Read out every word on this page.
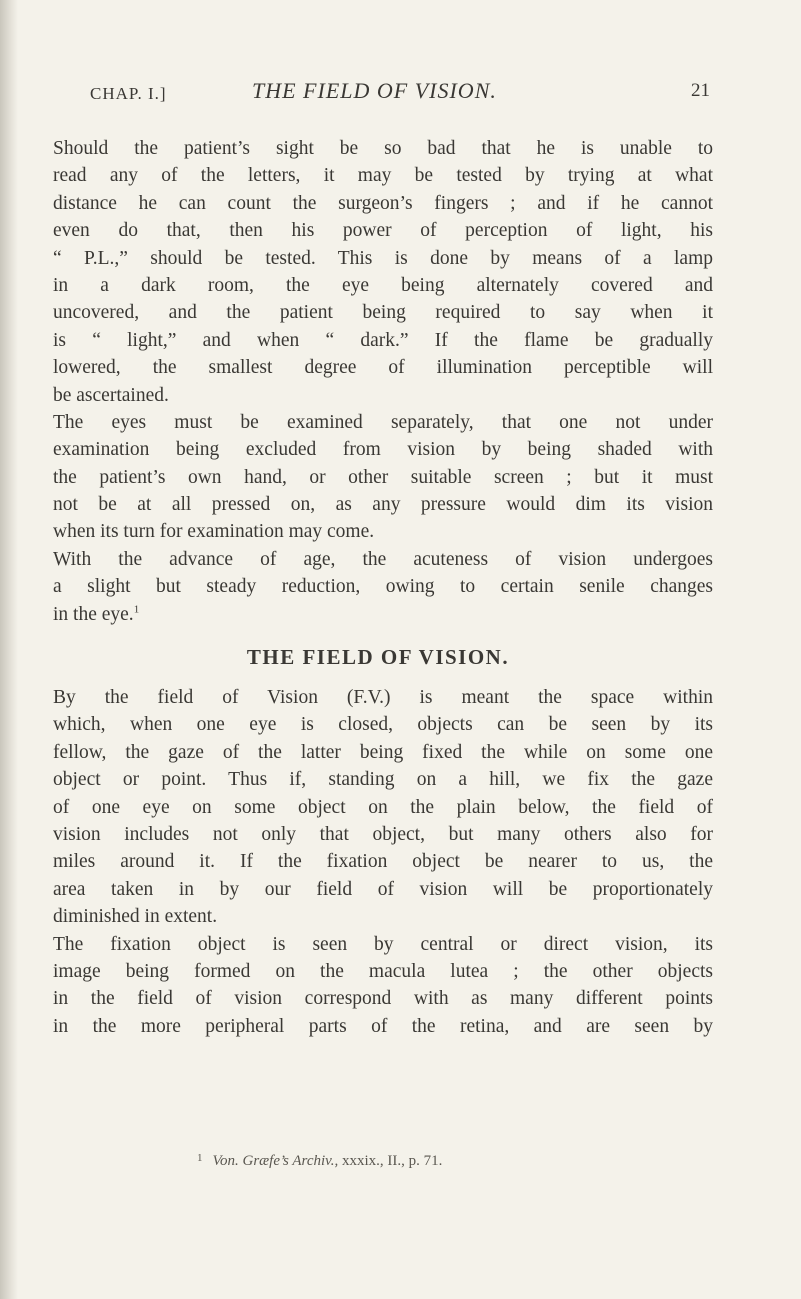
CHAP. I.]	THE FIELD OF VISION.	21
Should the patient’s sight be so bad that he is unable to
read any of the letters, it may be tested by trying at what
distance he can count the surgeon’s fingers ; and if he cannot
even do that, then his power of perception of light, his
“ P.L.,” should be tested. This is done by means of a lamp
in a dark room, the eye being alternately covered and
uncovered, and the patient being required to say when it
is “ light,” and when “ dark.” If the flame be gradually
lowered, the smallest degree of illumination perceptible will
be ascertained.
The eyes must be examined separately, that one not under
examination being excluded from vision by being shaded with
the patient’s own hand, or other suitable screen ; but it must
not be at all pressed on, as any pressure would dim its vision
when its turn for examination may come.
With the advance of age, the acuteness of vision undergoes
a slight but steady reduction, owing to certain senile changes
in the eye.$^1$
THE FIELD OF VISION.
By the field of Vision (F.V.) is meant the space within
which, when one eye is closed, objects can be seen by its
fellow, the gaze of the latter being fixed the while on some one
object or point. Thus if, standing on a hill, we fix the gaze
of one eye on some object on the plain below, the field of
vision includes not only that object, but many others also for
miles around it. If the fixation object be nearer to us, the
area taken in by our field of vision will be proportionately
diminished in extent.
The fixation object is seen by central or direct vision, its
image being formed on the macula lutea ; the other objects
in the field of vision correspond with as many different points
in the more peripheral parts of the retina, and are seen by
$^1$ Von. Græfe’s Archiv., xxxix., II., p. 71.
